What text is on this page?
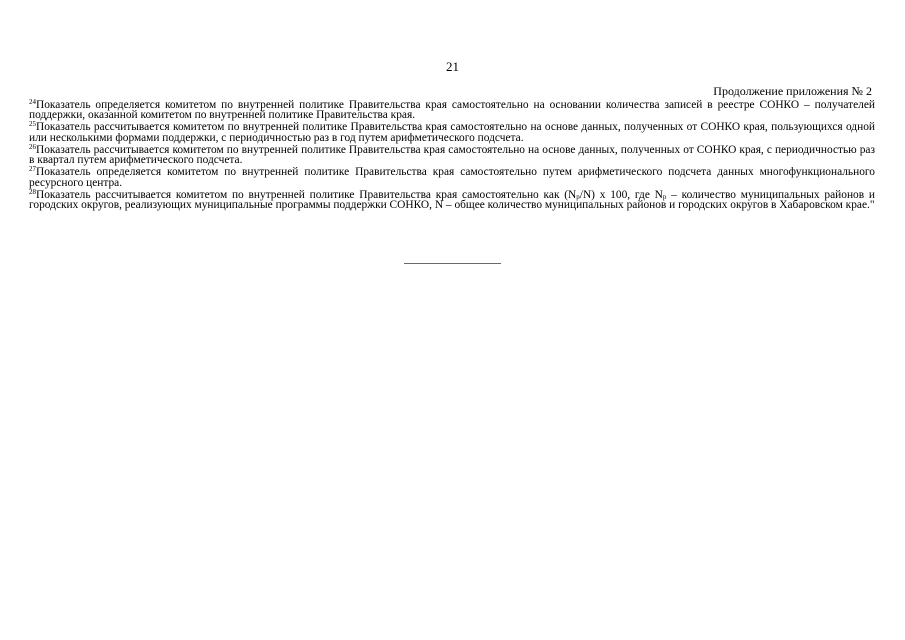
21
Продолжение приложения № 2

$^{24}$Показатель определяется комитетом по внутренней политике Правительства края самостоятельно на основании количества записей в реестре СОНКО – получателей поддержки, оказанной комитетом по внутренней политике Правительства края.

$^{25}$Показатель рассчитывается комитетом по внутренней политике Правительства края самостоятельно на основе данных, полученных от СОНКО края, пользующихся одной или несколькими формами поддержки, с периодичностью раз в год путем арифметического подсчета.

$^{26}$Показатель рассчитывается комитетом по внутренней политике Правительства края самостоятельно на основе данных, полученных от СОНКО края, с периодичностью раз в квартал путем арифметического подсчета.

$^{27}$Показатель определяется комитетом по внутренней политике Правительства края самостоятельно путем арифметического подсчета данных многофункционального ресурсного центра.

$^{28}$Показатель рассчитывается комитетом по внутренней политике Правительства края самостоятельно как $(N_р/N)$ х 100, где $N_р$ – количество муниципальных районов и городских округов, реализующих муниципальные программы поддержки СОНКО, N – общее количество муниципальных районов и городских округов в Хабаровском крае."
